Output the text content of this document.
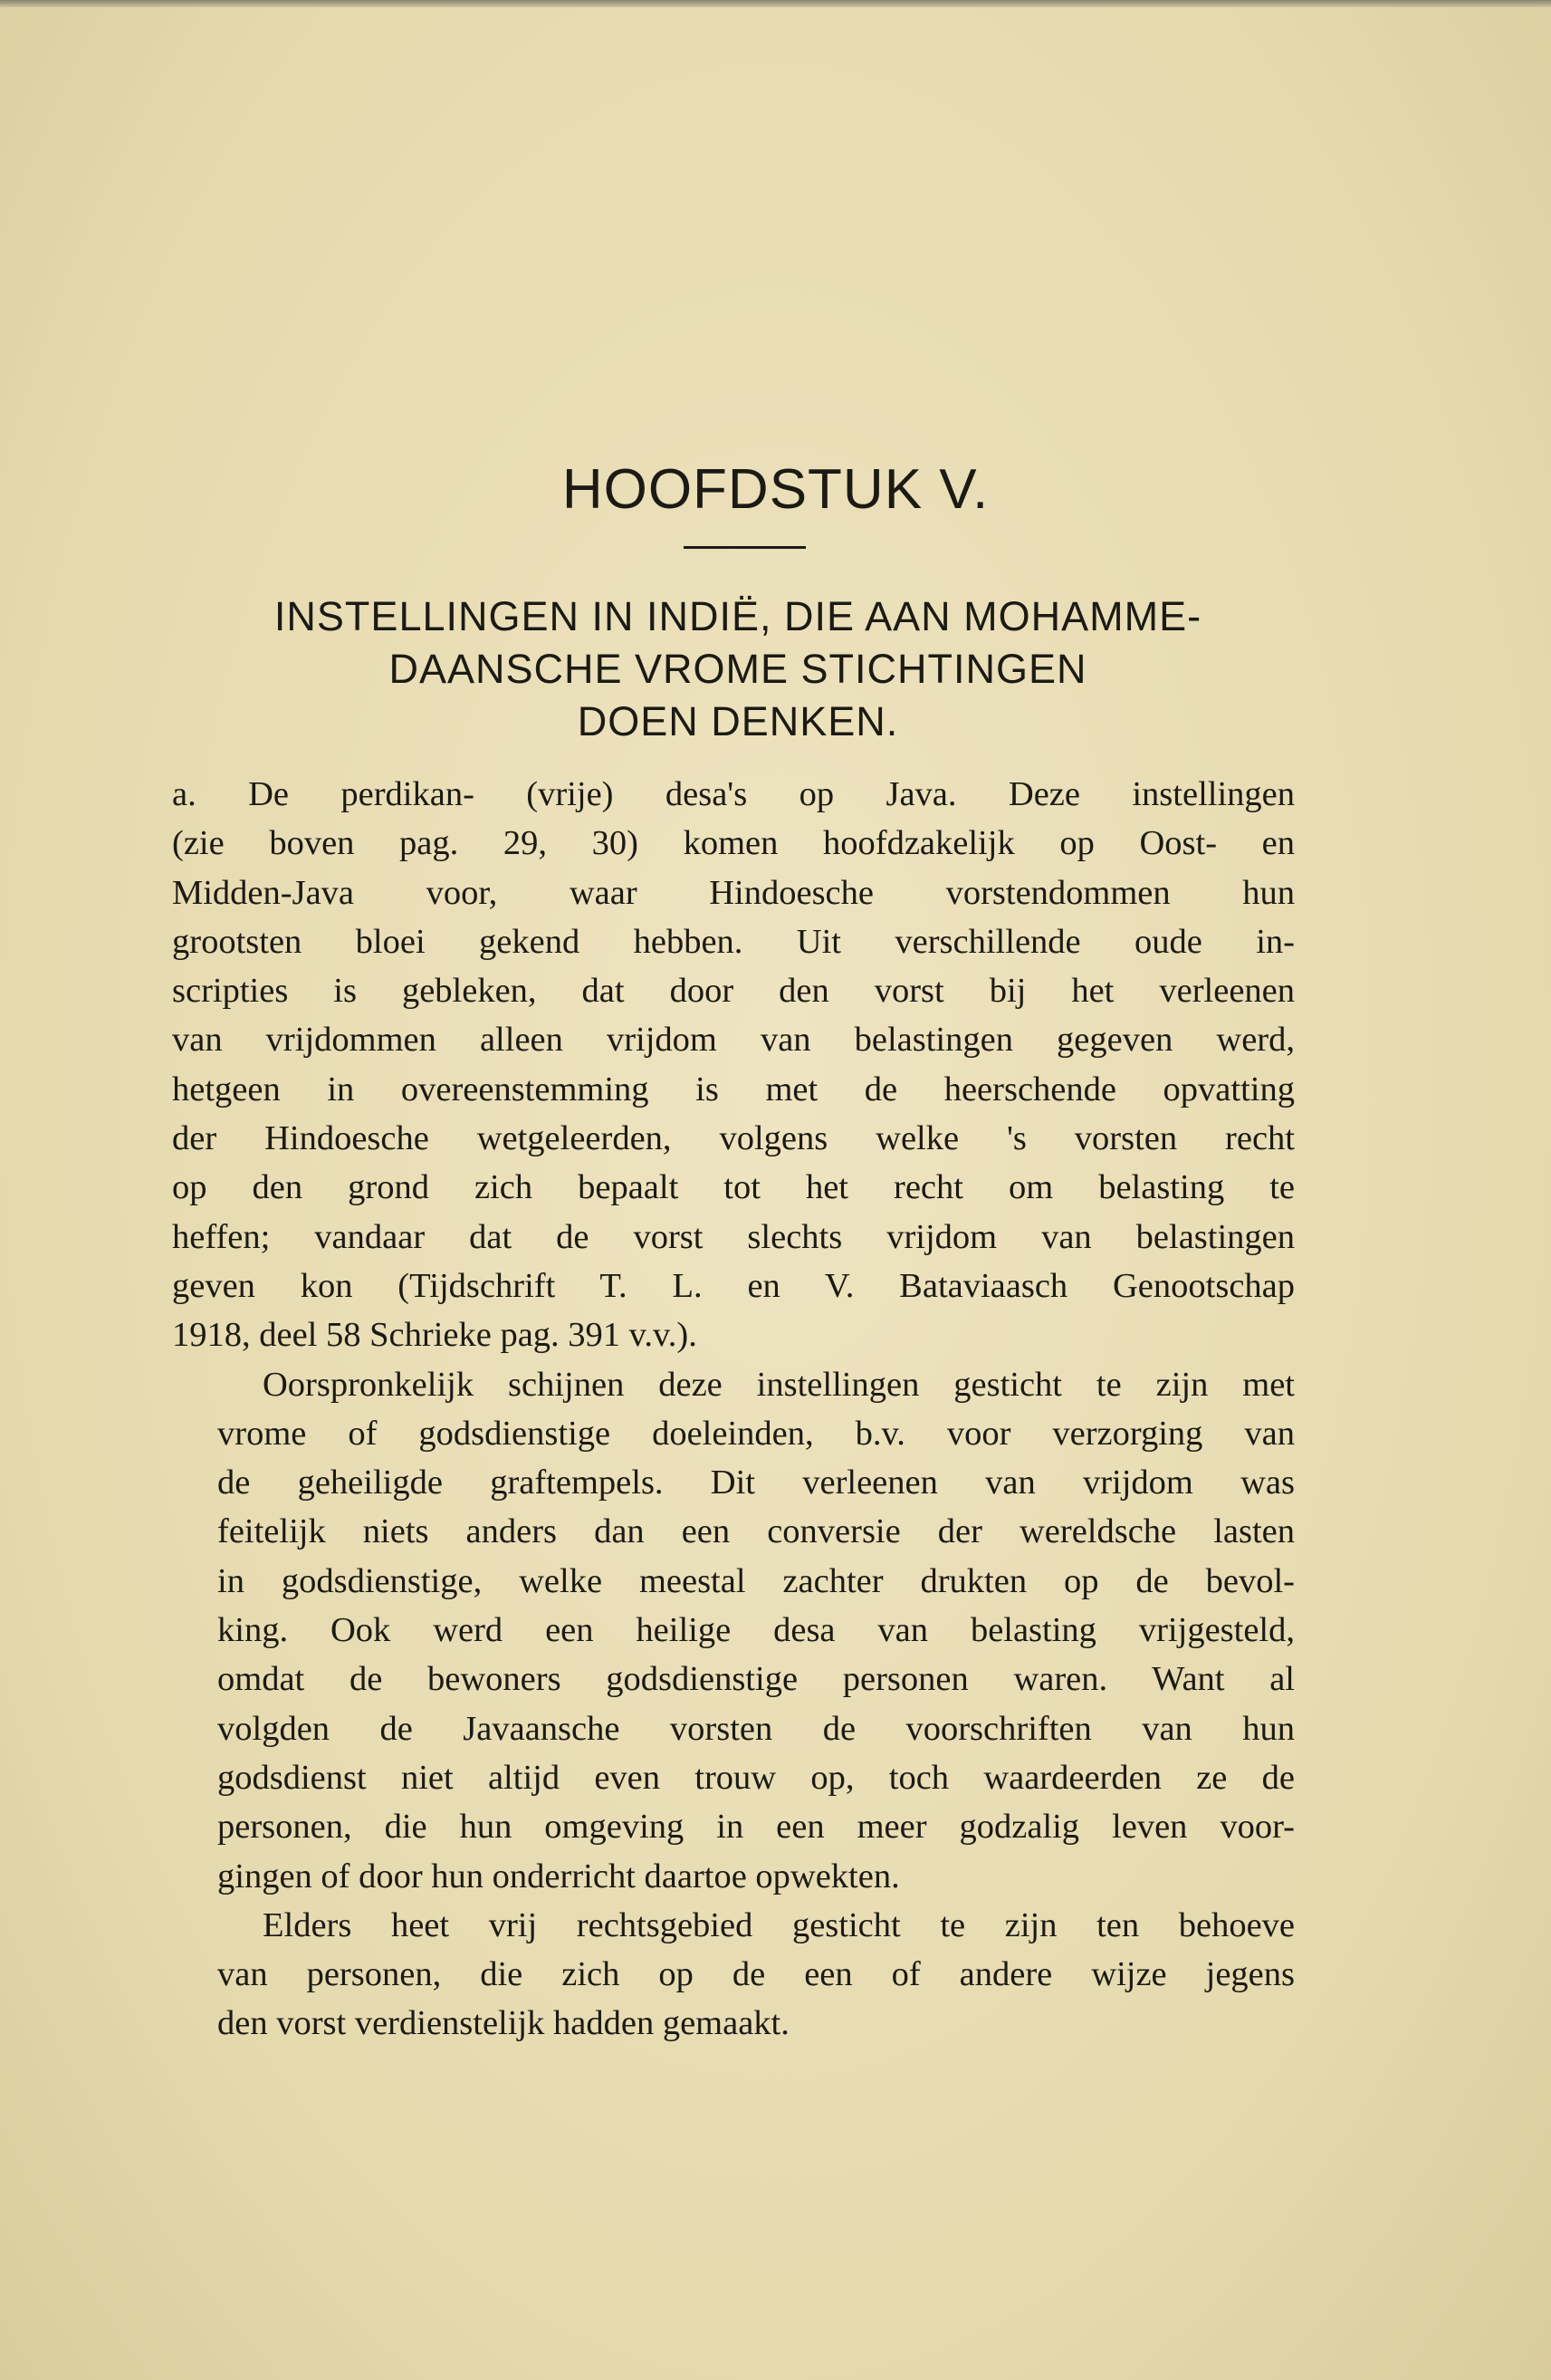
HOOFDSTUK V.
INSTELLINGEN IN INDIË, DIE AAN MOHAMME-
DAANSCHE VROME STICHTINGEN
DOEN DENKEN.
a. De perdikan- (vrije) desa's op Java. Deze instellingen
(zie boven pag. 29, 30) komen hoofdzakelijk op Oost- en
Midden-Java voor, waar Hindoesche vorstendommen hun
grootsten bloei gekend hebben. Uit verschillende oude in-
scripties is gebleken, dat door den vorst bij het verleenen
van vrijdommen alleen vrijdom van belastingen gegeven werd,
hetgeen in overeenstemming is met de heerschende opvatting
der Hindoesche wetgeleerden, volgens welke 's vorsten recht
op den grond zich bepaalt tot het recht om belasting te
heffen; vandaar dat de vorst slechts vrijdom van belastingen
geven kon (Tijdschrift T. L. en V. Bataviaasch Genootschap
1918, deel 58 Schrieke pag. 391 v.v.).
Oorspronkelijk schijnen deze instellingen gesticht te zijn met
vrome of godsdienstige doeleinden, b.v. voor verzorging van
de geheiligde graftempels. Dit verleenen van vrijdom was
feitelijk niets anders dan een conversie der wereldsche lasten
in godsdienstige, welke meestal zachter drukten op de bevol-
king. Ook werd een heilige desa van belasting vrijgesteld,
omdat de bewoners godsdienstige personen waren. Want al
volgden de Javaansche vorsten de voorschriften van hun
godsdienst niet altijd even trouw op, toch waardeerden ze de
personen, die hun omgeving in een meer godzalig leven voor-
gingen of door hun onderricht daartoe opwekten.
Elders heet vrij rechtsgebied gesticht te zijn ten behoeve
van personen, die zich op de een of andere wijze jegens
den vorst verdienstelijk hadden gemaakt.
